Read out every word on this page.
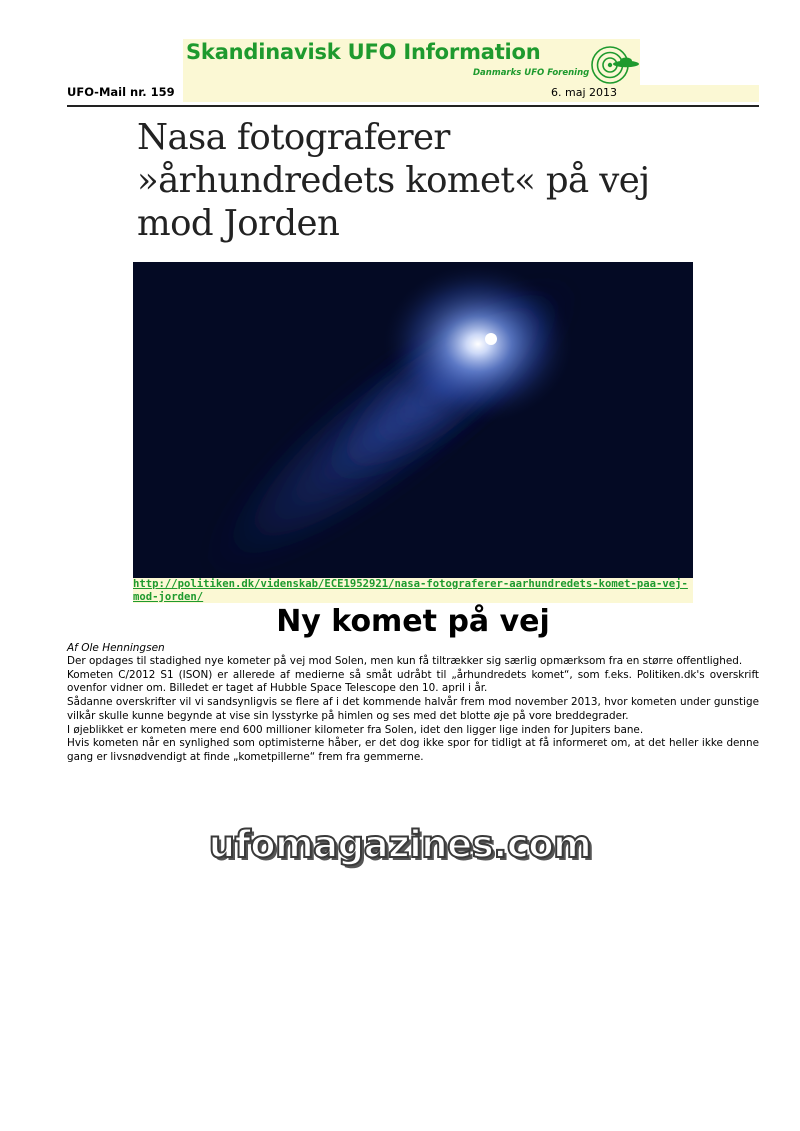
Skandinavisk UFO Information
Danmarks UFO Forening
UFO-Mail nr. 159	6. maj 2013
Nasa fotograferer »århundredets komet« på vej mod Jorden
http://politiken.dk/videnskab/ECE1952921/nasa-fotograferer-aarhundredets-komet-paa-vej-mod-jorden/
Ny komet på vej
Af Ole Henningsen

Der opdages til stadighed nye kometer på vej mod Solen, men kun få tiltrækker sig særlig opmærksom fra en større offentlighed.

Kometen C/2012 S1 (ISON) er allerede af medierne så småt udråbt til „århundredets komet“, som f.eks. Politiken.dk's overskrift ovenfor vidner om. Billedet er taget af Hubble Space Telescope den 10. april i år.

Sådanne overskrifter vil vi sandsynligvis se flere af i det kommende halvår frem mod november 2013, hvor kometen under gunstige vilkår skulle kunne begynde at vise sin lysstyrke på himlen og ses med det blotte øje på vore breddegrader.

I øjeblikket er kometen mere end 600 millioner kilometer fra Solen, idet den ligger lige inden for Jupiters bane.

Hvis kometen når en synlighed som optimisterne håber, er det dog ikke spor for tidligt at få informeret om, at det heller ikke denne gang er livsnødvendigt at finde „kometpillerne“ frem fra gemmerne.

ufomagazines.com
